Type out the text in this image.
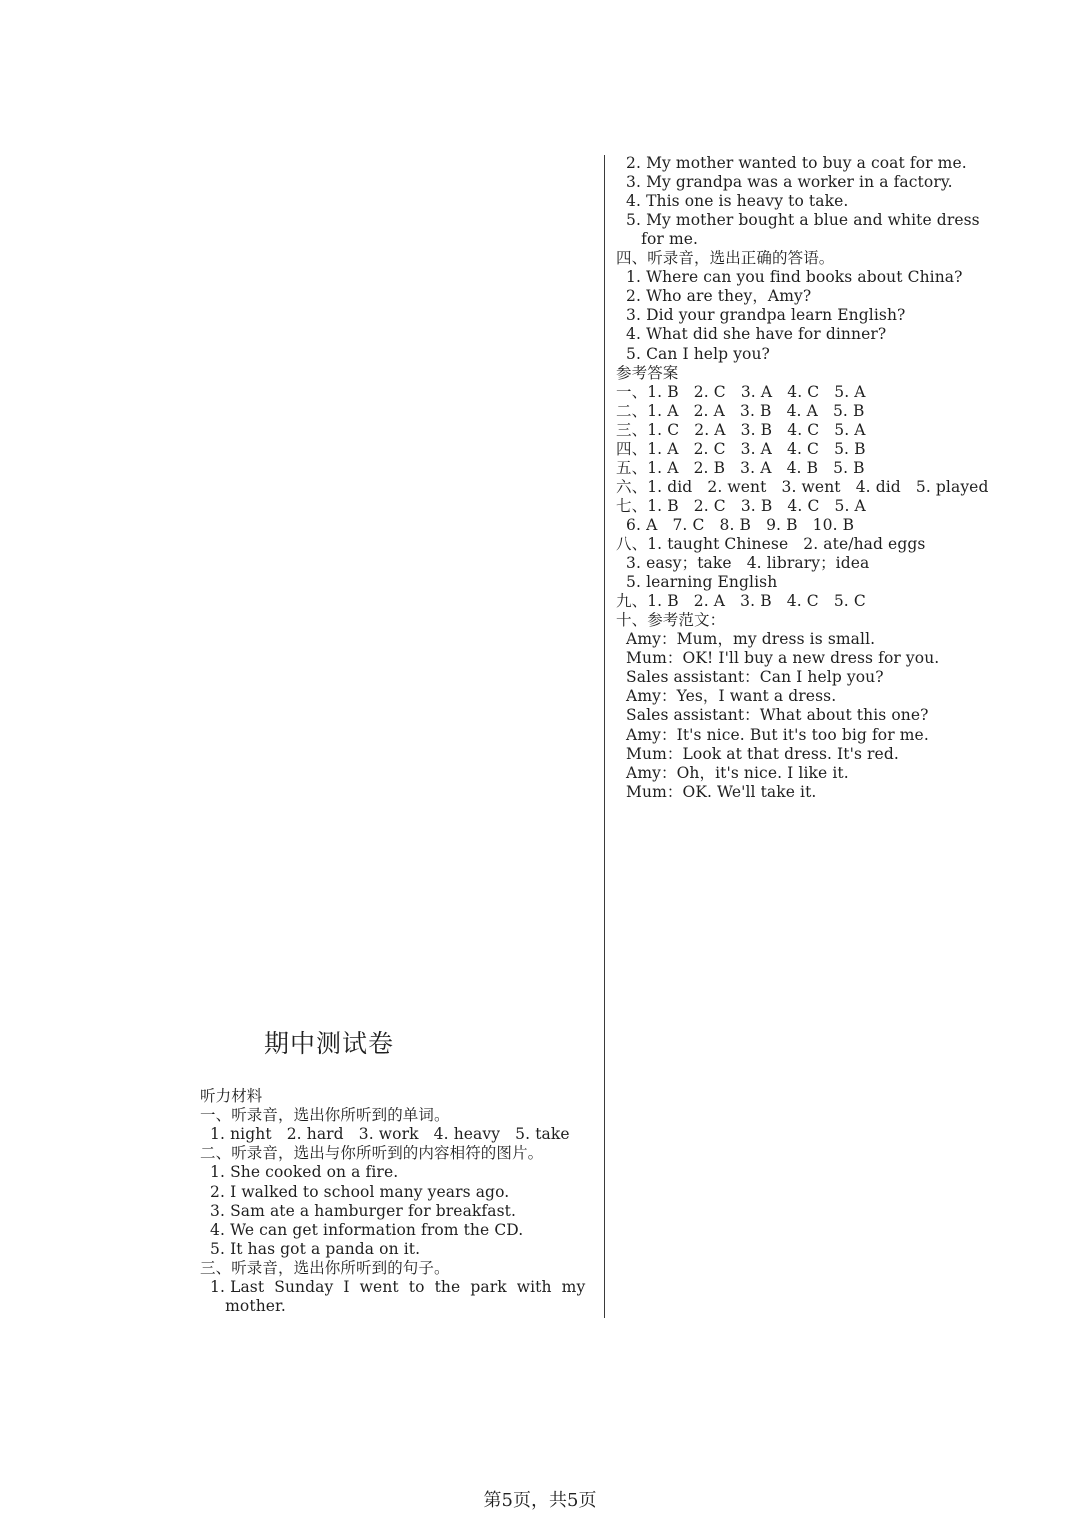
期中测试卷
听力材料
一、听录音，选出你所听到的单词。
1. night   2. hard   3. work   4. heavy   5. take
二、听录音，选出与你所听到的内容相符的图片。
1. She cooked on a fire.
2. I walked to school many years ago.
3. Sam ate a hamburger for breakfast.
4. We can get information from the CD.
5. It has got a panda on it.
三、听录音，选出你所听到的句子。
1. Last  Sunday  I  went  to  the  park  with  my
mother.
2. My mother wanted to buy a coat for me.
3. My grandpa was a worker in a factory.
4. This one is heavy to take.
5. My mother bought a blue and white dress
for me.
四、听录音，选出正确的答语。
1. Where can you find books about China?
2. Who are they，Amy?
3. Did your grandpa learn English?
4. What did she have for dinner?
5. Can I help you?
参考答案
一、1. B   2. C   3. A   4. C   5. A
二、1. A   2. A   3. B   4. A   5. B
三、1. C   2. A   3. B   4. C   5. A
四、1. A   2. C   3. A   4. C   5. B
五、1. A   2. B   3. A   4. B   5. B
六、1. did   2. went   3. went   4. did   5. played
七、1. B   2. C   3. B   4. C   5. A
6. A   7. C   8. B   9. B   10. B
八、1. taught Chinese   2. ate/had eggs
3. easy；take   4. library；idea
5. learning English
九、1. B   2. A   3. B   4. C   5. C
十、参考范文：
Amy：Mum，my dress is small.
Mum：OK! I'll buy a new dress for you.
Sales assistant：Can I help you?
Amy：Yes，I want a dress.
Sales assistant：What about this one?
Amy：It's nice. But it's too big for me.
Mum：Look at that dress. It's red.
Amy：Oh，it's nice. I like it.
Mum：OK. We'll take it.
第5页，共5页
